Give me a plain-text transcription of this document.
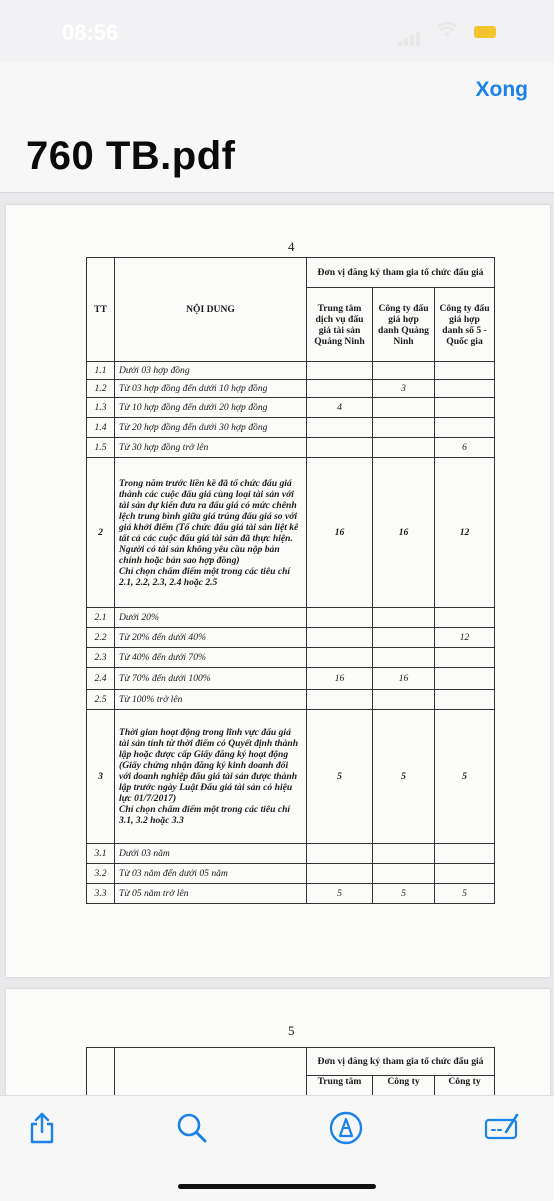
08:56
Xong
760 TB.pdf
4
TT	NỘI DUNG	Đơn vị đăng ký tham gia tổ chức đấu giá		
		Trung tâm dịch vụ đấu giá tài sản Quảng Ninh	Công ty đấu giá hợp danh Quảng Ninh	Công ty đấu giá hợp danh số 5 - Quốc gia
1.1	Dưới 03 hợp đồng			
1.2	Từ 03 hợp đồng đến dưới 10 hợp đồng		3	
1.3	Từ 10 hợp đồng đến dưới 20 hợp đồng	4		
1.4	Từ 20 hợp đồng đến dưới 30 hợp đồng			
1.5	Từ 30 hợp đồng trở lên			6
2	Trong năm trước liền kề đã tổ chức đấu giá thành các cuộc đấu giá cùng loại tài sản với tài sản dự kiến đưa ra đấu giá có mức chênh lệch trung bình giữa giá trúng đấu giá so với giá khởi điểm (Tổ chức đấu giá tài sản liệt kê tất cả các cuộc đấu giá tài sản đã thực hiện. Người có tài sản không yêu cầu nộp bản chính hoặc bản sao hợp đồng)
Chỉ chọn chấm điểm một trong các tiêu chí 2.1, 2.2, 2.3, 2.4 hoặc 2.5	16	16	12
2.1	Dưới 20%			
2.2	Từ 20% đến dưới 40%			12
2.3	Từ 40% đến dưới 70%			
2.4	Từ 70% đến dưới 100%	16	16	
2.5	Từ 100% trở lên			
3	Thời gian hoạt động trong lĩnh vực đấu giá tài sản tính từ thời điểm có Quyết định thành lập hoặc được cấp Giấy đăng ký hoạt động (Giấy chứng nhận đăng ký kinh doanh đối với doanh nghiệp đấu giá tài sản được thành lập trước ngày Luật Đấu giá tài sản có hiệu lực 01/7/2017)
Chỉ chọn chấm điểm một trong các tiêu chí 3.1, 3.2 hoặc 3.3	5	5	5
3.1	Dưới 03 năm			
3.2	Từ 03 năm đến dưới 05 năm			
3.3	Từ 05 năm trở lên	5	5	5
5
		Đơn vị đăng ký tham gia tổ chức đấu giá		
		Trung tâm	Công ty	Công ty
